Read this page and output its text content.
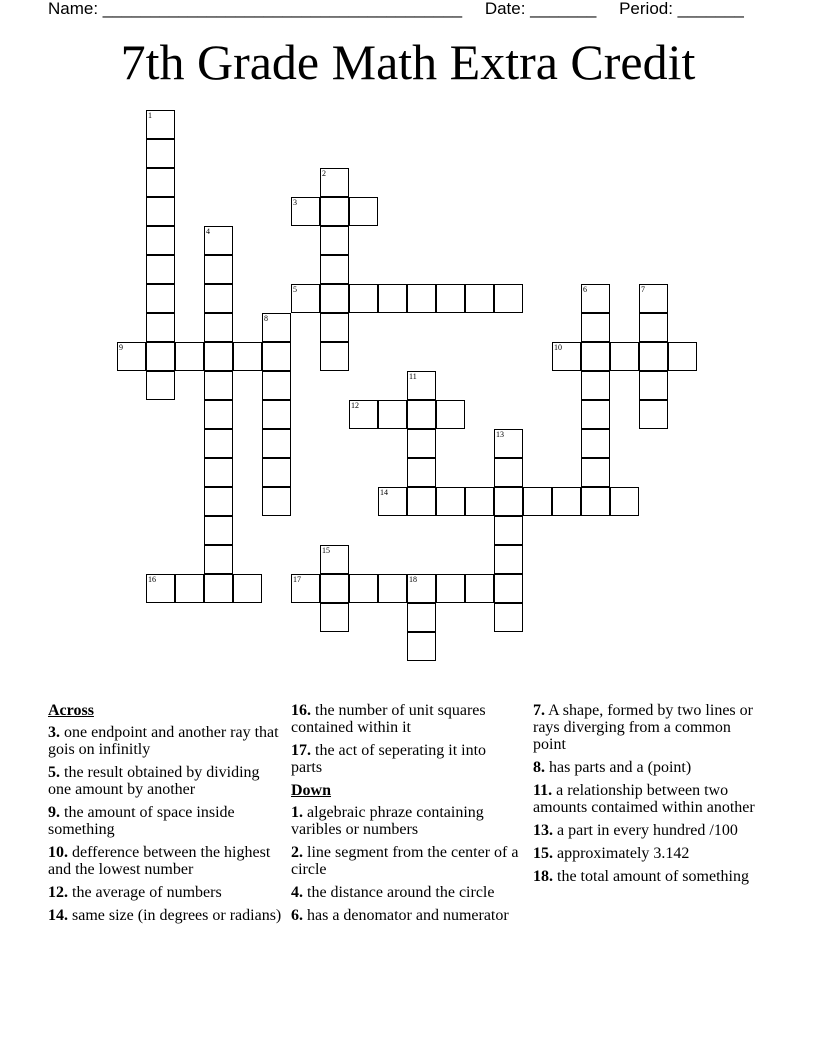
Name: ______________________________________ Date: _______ Period: _______
7th Grade Math Extra Credit
3
5
9	10
12
14
16	17	18
1
2
4
6	7
8
11
13
15
Across
3. one endpoint and another ray that gois on infinitly
5. the result obtained by dividing one amount by another
9. the amount of space inside something
10. defference between the highest and the lowest number
12. the average of numbers
14. same size (in degrees or radians)
16. the number of unit squares contained within it
17. the act of seperating it into parts
Down
1. algebraic phraze containing varibles or numbers
2. line segment from the center of a circle
4. the distance around the circle
6. has a denomator and numerator
7. A shape, formed by two lines or rays diverging from a common point
8. has parts and a (point)
11. a relationship between two amounts contaimed within another
13. a part in every hundred /100
15. approximately 3.142
18. the total amount of something
